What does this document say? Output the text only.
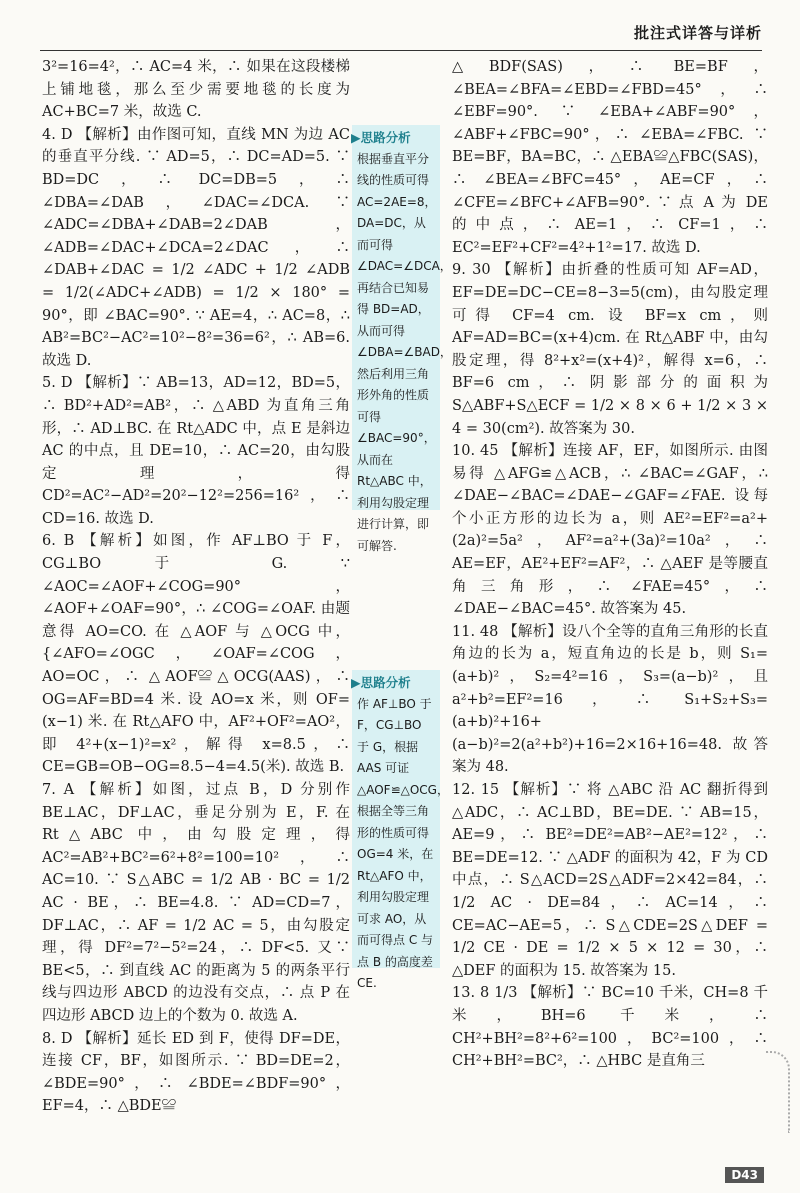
批注式详答与详析

3²=16=4²，∴ AC=4 米，∴ 如果在这段楼梯上铺地毯，那么至少需要地毯的长度为 AC+BC=7 米，故选 C.

4. D 【解析】由作图可知，直线 MN 为边 AC 的垂直平分线. ∵ AD=5，∴ DC=AD=5. ∵ BD=DC，∴ DC=DB=5，∴ ∠DBA=∠DAB，∠DAC=∠DCA. ∵ ∠ADC=∠DBA+∠DAB=2∠DAB，∠ADB=∠DAC+∠DCA=2∠DAC，∴ ∠DAB+∠DAC = 1/2 ∠ADC + 1/2 ∠ADB = 1/2(∠ADC+∠ADB) = 1/2 × 180° = 90°，即 ∠BAC=90°. ∵ AE=4，∴ AC=8，∴ AB²=BC²−AC²=10²−8²=36=6²，∴ AB=6. 故选 D.

5. D 【解析】∵ AB=13，AD=12，BD=5，∴ BD²+AD²=AB²，∴ △ABD 为直角三角形，∴ AD⊥BC. 在 Rt△ADC 中，点 E 是斜边 AC 的中点，且 DE=10，∴ AC=20，由勾股定理，得 CD²=AC²−AD²=20²−12²=256=16²，∴ CD=16. 故选 D.

6. B 【解析】如图，作 AF⊥BO 于 F，CG⊥BO 于 G. ∵ ∠AOC=∠AOF+∠COG=90°，∠AOF+∠OAF=90°，∴ ∠COG=∠OAF. 由题意得 AO=CO. 在 △AOF 与 △OCG 中，{∠AFO=∠OGC，∠OAF=∠COG，AO=OC，∴ △AOF≌△OCG(AAS)，∴ OG=AF=BD=4 米. 设 AO=x 米，则 OF=(x−1) 米. 在 Rt△AFO 中，AF²+OF²=AO²，即 4²+(x−1)²=x²，解得 x=8.5，∴ CE=GB=OB−OG=8.5−4=4.5(米). 故选 B.

7. A 【解析】如图，过点 B，D 分别作 BE⊥AC，DF⊥AC，垂足分别为 E，F. 在 Rt△ABC 中，由勾股定理，得 AC²=AB²+BC²=6²+8²=100=10²，∴ AC=10. ∵ S△ABC = 1/2 AB · BC = 1/2 AC · BE，∴ BE=4.8. ∵ AD=CD=7，DF⊥AC，∴ AF = 1/2 AC = 5，由勾股定理，得 DF²=7²−5²=24，∴ DF<5. 又∵ BE<5，∴ 到直线 AC 的距离为 5 的两条平行线与四边形 ABCD 的边没有交点，∴ 点 P 在四边形 ABCD 边上的个数为 0. 故选 A.

8. D 【解析】延长 ED 到 F，使得 DF=DE，连接 CF，BF，如图所示. ∵ BD=DE=2，∠BDE=90°，∴ ∠BDE=∠BDF=90°，EF=4，∴ △BDE≌

▶思路分析
根据垂直平分线的性质可得 AC=2AE=8，DA=DC，从而可得 ∠DAC=∠DCA，再结合已知易得 BD=AD，从而可得 ∠DBA=∠BAD，然后利用三角形外角的性质可得 ∠BAC=90°，从而在 Rt△ABC 中，利用勾股定理进行计算，即可解答.
▶思路分析
作 AF⊥BO 于 F，CG⊥BO 于 G，根据 AAS 可证 △AOF≌△OCG，根据全等三角形的性质可得 OG=4 米，在 Rt△AFO 中，利用勾股定理可求 AO，从而可得点 C 与点 B 的高度差 CE.

△BDF(SAS)，∴ BE=BF，∠BEA=∠BFA=∠EBD=∠FBD=45°，∴ ∠EBF=90°. ∵ ∠EBA+∠ABF=90°，∠ABF+∠FBC=90°，∴ ∠EBA=∠FBC. ∵ BE=BF，BA=BC，∴ △EBA≌△FBC(SAS)，∴ ∠BEA=∠BFC=45°，AE=CF，∴ ∠CFE=∠BFC+∠AFB=90°. ∵ 点 A 为 DE 的中点，∴ AE=1，∴ CF=1，∴ EC²=EF²+CF²=4²+1²=17. 故选 D.

9. 30 【解析】由折叠的性质可知 AF=AD，EF=DE=DC−CE=8−3=5(cm)，由勾股定理可得 CF=4 cm. 设 BF=x cm，则 AF=AD=BC=(x+4)cm. 在 Rt△ABF 中，由勾股定理，得 8²+x²=(x+4)²，解得 x=6，∴ BF=6 cm，∴ 阴影部分的面积为 S△ABF+S△ECF = 1/2 × 8 × 6 + 1/2 × 3 × 4 = 30(cm²). 故答案为 30.

10. 45 【解析】连接 AF，EF，如图所示. 由图易得 △AFG≌△ACB，∴ ∠BAC=∠GAF，∴ ∠DAE−∠BAC=∠DAE−∠GAF=∠FAE. 设每个小正方形的边长为 a，则 AE²=EF²=a²+(2a)²=5a²，AF²=a²+(3a)²=10a²，∴ AE=EF，AE²+EF²=AF²，∴ △AEF 是等腰直角三角形，∴ ∠FAE=45°，∴ ∠DAE−∠BAC=45°. 故答案为 45.

11. 48 【解析】设八个全等的直角三角形的长直角边的长为 a，短直角边的长是 b，则 S₁=(a+b)²，S₂=4²=16，S₃=(a−b)²，且 a²+b²=EF²=16，∴ S₁+S₂+S₃=(a+b)²+16+(a−b)²=2(a²+b²)+16=2×16+16=48. 故答案为 48.

12. 15 【解析】∵ 将 △ABC 沿 AC 翻折得到 △ADC，∴ AC⊥BD，BE=DE. ∵ AB=15，AE=9，∴ BE²=DE²=AB²−AE²=12²，∴ BE=DE=12. ∵ △ADF 的面积为 42，F 为 CD 中点，∴ S△ACD=2S△ADF=2×42=84，∴ 1/2 AC · DE=84，∴ AC=14，∴ CE=AC−AE=5，∴ S△CDE=2S△DEF = 1/2 CE · DE = 1/2 × 5 × 12 = 30，∴ △DEF 的面积为 15. 故答案为 15.

13. 8 1/3 【解析】∵ BC=10 千米，CH=8 千米，BH=6 千米，∴ CH²+BH²=8²+6²=100，BC²=100，∴ CH²+BH²=BC²，∴ △HBC 是直角三

D43
